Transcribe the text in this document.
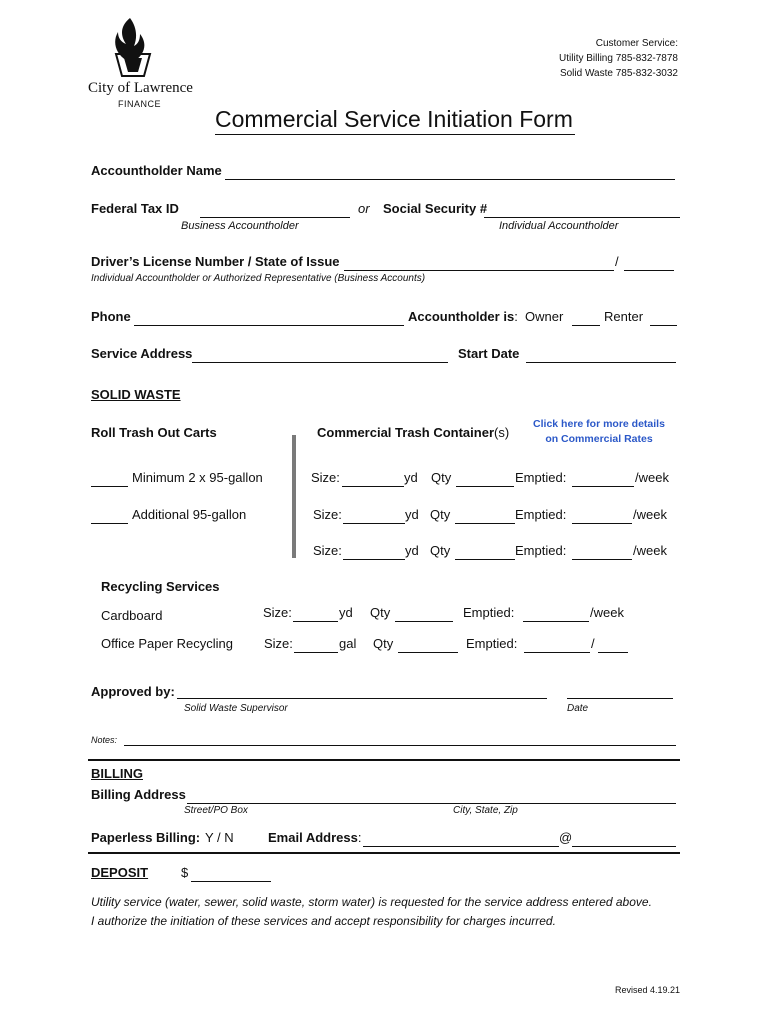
City of Lawrence
FINANCE
Customer Service:
Utility Billing 785-832-7878
Solid Waste 785-832-3032
Commercial Service Initiation Form
Accountholder Name
Federal Tax ID	or Social Security #
Business Accountholder	Individual Accountholder
Driver’s License Number / State of Issue	/
Individual Accountholder or Authorized Representative (Business Accounts)
Phone	Accountholder is: Owner	Renter
Service Address	Start Date
SOLID WASTE
Roll Trash Out Carts	Commercial Trash Container(s)
Click here for more details
on Commercial Rates
Minimum 2 x 95-gallon
Additional 95-gallon
Size:	yd Qty	Emptied:	/week
Size:	yd Qty	Emptied:	/week
Size:	yd Qty	Emptied:	/week
Recycling Services
Cardboard	Size:	yd Qty	Emptied:	/week
Office Paper Recycling Size:	gal Qty	Emptied:	/
Approved by:
Solid Waste Supervisor	Date
Notes:
BILLING
Billing Address
Street/PO Box	City, State, Zip
Paperless Billing: Y / N	Email Address:	@
DEPOSIT	$
Utility service (water, sewer, solid waste, storm water) is requested for the service address entered above.
I authorize the initiation of these services and accept responsibility for charges incurred.
Revised 4.19.21
